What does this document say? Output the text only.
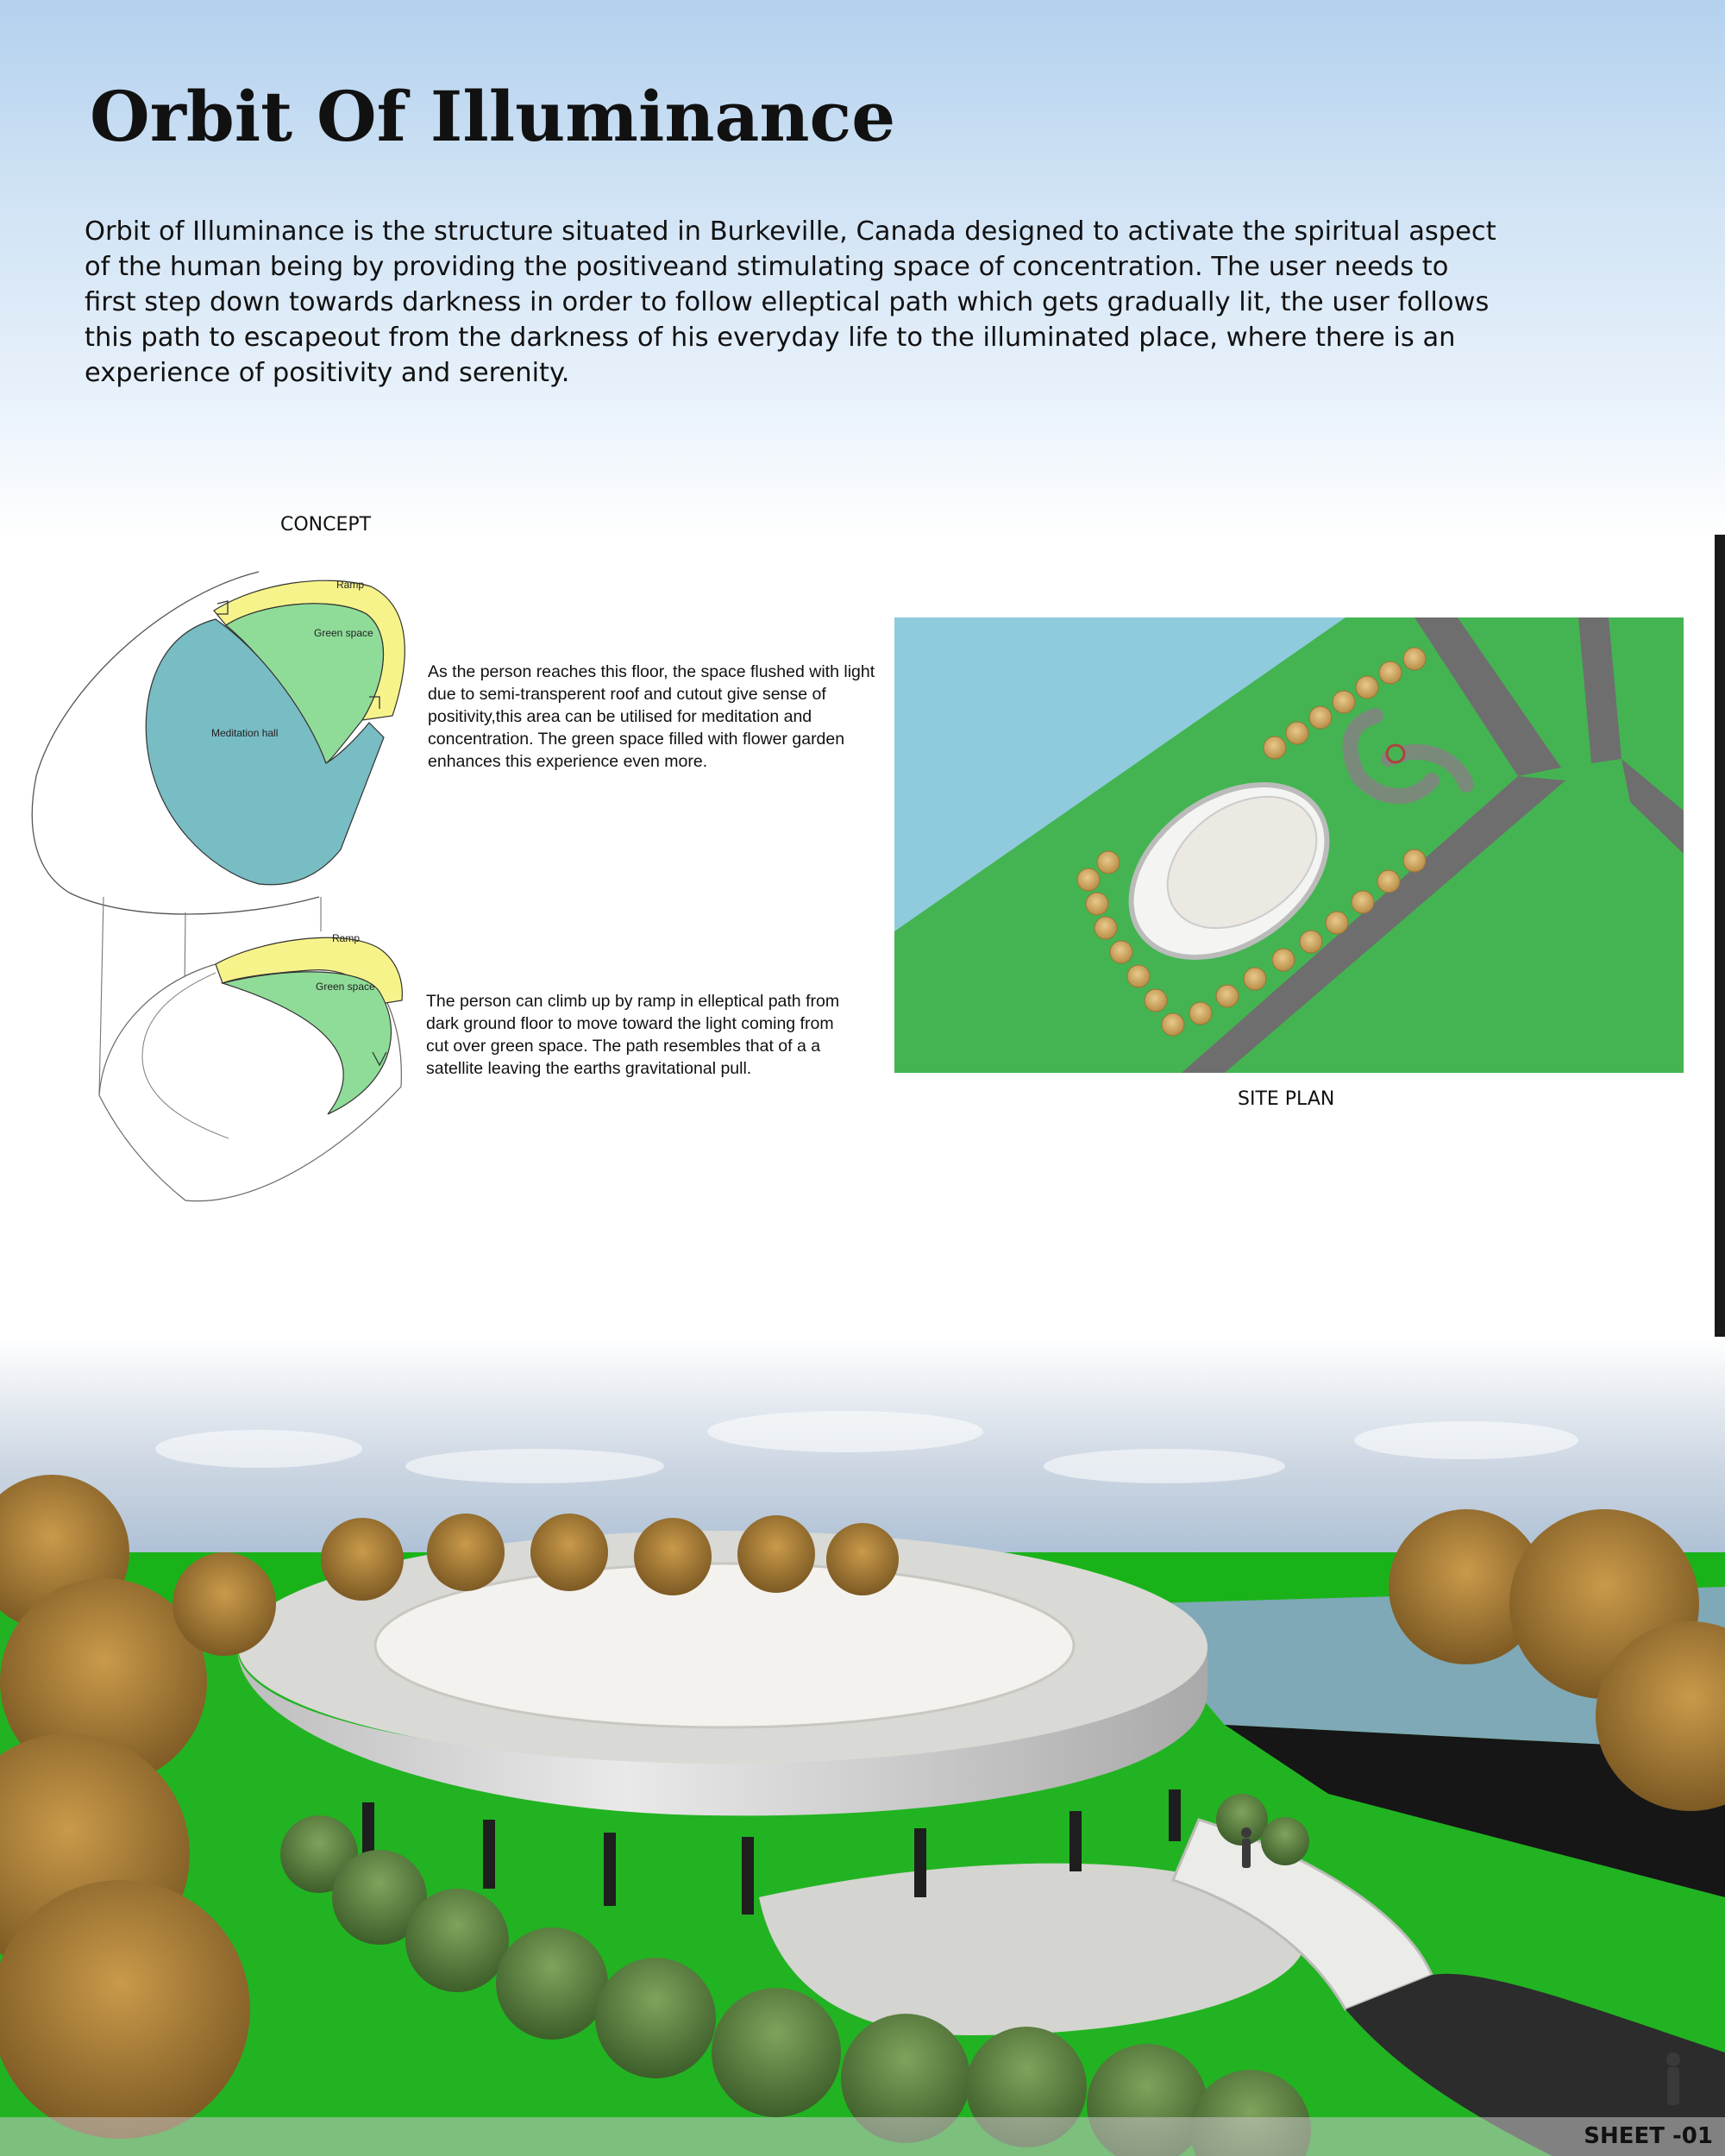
Orbit Of Illuminance

Orbit of Illuminance is the structure situated in Burkeville, Canada designed to activate the spiritual aspect of the human being by providing the positiveand stimulating space of concentration. The user needs to first step down towards darkness in order to follow elleptical path which gets gradually lit, the user follows this path to escapeout from the darkness of his everyday life to the illuminated place, where there is an experience of positivity and serenity.

CONCEPT
Ramp
Green space
Meditation hall
Ramp
Green space

As the person reaches this floor, the space flushed with light due to semi-transperent roof and cutout give sense of positivity,this area can be utilised for meditation and concentration. The green space filled with flower garden enhances this experience even more.

The person can climb up by ramp in elleptical path from dark ground floor to move toward the light coming from cut over green space. The path resembles that of a a satellite leaving the earths gravitational pull.

SITE PLAN
SHEET -01
